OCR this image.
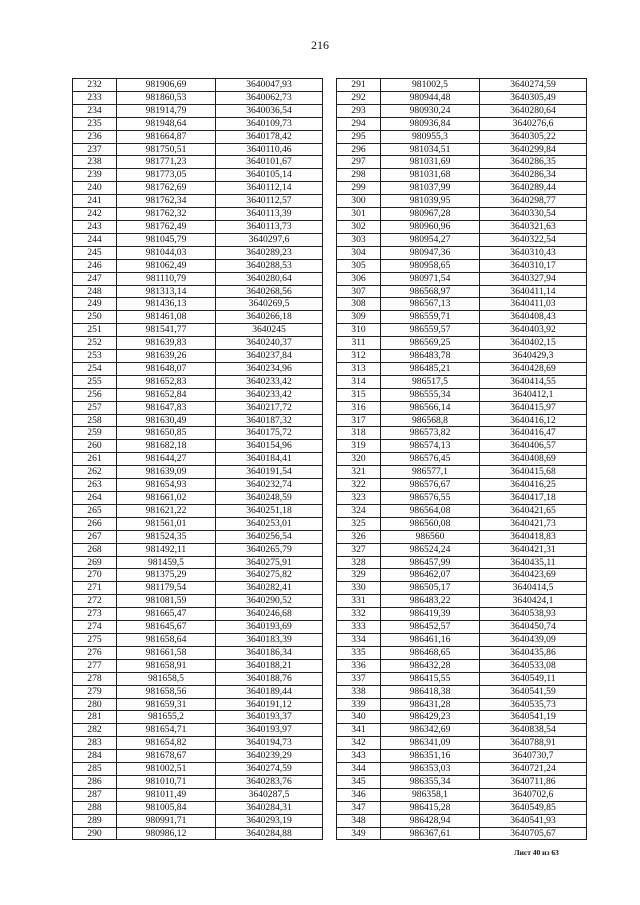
216
232	981906,69	3640047,93
233	981860,53	3640062,73
234	981914,79	3640036,54
235	981948,64	3640109,73
236	981664,87	3640178,42
237	981750,51	3640110,46
238	981771,23	3640101,67
239	981773,05	3640105,14
240	981762,69	3640112,14
241	981762,34	3640112,57
242	981762,32	3640113,39
243	981762,49	3640113,73
244	981045,79	3640297,6
245	981044,03	3640289,23
246	981062,49	3640288,53
247	981110,79	3640280,64
248	981313,14	3640268,56
249	981436,13	3640269,5
250	981461,08	3640266,18
251	981541,77	3640245
252	981639,83	3640240,37
253	981639,26	3640237,84
254	981648,07	3640234,96
255	981652,83	3640233,42
256	981652,84	3640233,42
257	981647,83	3640217,72
258	981630,49	3640187,32
259	981650,85	3640175,72
260	981682,18	3640154,96
261	981644,27	3640184,41
262	981639,09	3640191,54
263	981654,93	3640232,74
264	981661,02	3640248,59
265	981621,22	3640251,18
266	981561,01	3640253,01
267	981524,35	3640256,54
268	981492,11	3640265,79
269	981459,5	3640275,91
270	981375,29	3640275,82
271	981179,54	3640282,41
272	981081,59	3640290,52
273	981665,47	3640246,68
274	981645,67	3640193,69
275	981658,64	3640183,39
276	981661,58	3640186,34
277	981658,91	3640188,21
278	981658,5	3640188,76
279	981658,56	3640189,44
280	981659,31	3640191,12
281	981655,2	3640193,37
282	981654,71	3640193,97
283	981654,82	3640194,73
284	981678,67	3640239,29
285	981002,51	3640274,59
286	981010,71	3640283,76
287	981011,49	3640287,5
288	981005,84	3640284,31
289	980991,71	3640293,19
290	980986,12	3640284,88
291	981002,5	3640274,59
292	980944,48	3640305,49
293	980930,24	3640280,64
294	980936,84	3640276,6
295	980955,3	3640305,22
296	981034,51	3640299,84
297	981031,69	3640286,35
298	981031,68	3640286,34
299	981037,99	3640289,44
300	981039,95	3640298,77
301	980967,28	3640330,54
302	980960,96	3640321,63
303	980954,27	3640322,54
304	980947,36	3640310,43
305	980958,65	3640310,17
306	980971,54	3640327,94
307	986568,97	3640411,14
308	986567,13	3640411,03
309	986559,71	3640408,43
310	986559,57	3640403,92
311	986569,25	3640402,15
312	986483,78	3640429,3
313	986485,21	3640428,69
314	986517,5	3640414,55
315	986555,34	3640412,1
316	986566,14	3640415,97
317	986568,8	3640416,12
318	986573,82	3640416,47
319	986574,13	3640406,57
320	986576,45	3640408,69
321	986577,1	3640415,68
322	986576,67	3640416,25
323	986576,55	3640417,18
324	986564,08	3640421,65
325	986560,08	3640421,73
326	986560	3640418,83
327	986524,24	3640421,31
328	986457,99	3640435,11
329	986462,07	3640423,69
330	986505,17	3640414,5
331	986483,22	3640424,1
332	986419,39	3640538,93
333	986452,57	3640450,74
334	986461,16	3640439,09
335	986468,65	3640435,86
336	986432,28	3640533,08
337	986415,55	3640549,11
338	986418,38	3640541,59
339	986431,28	3640535,73
340	986429,23	3640541,19
341	986342,69	3640838,54
342	986341,09	3640788,91
343	986351,16	3640730,7
344	986353,03	3640721,24
345	986355,34	3640711,86
346	986358,1	3640702,6
347	986415,28	3640549,85
348	986428,94	3640541,93
349	986367,61	3640705,67
Лист 40 из 63
